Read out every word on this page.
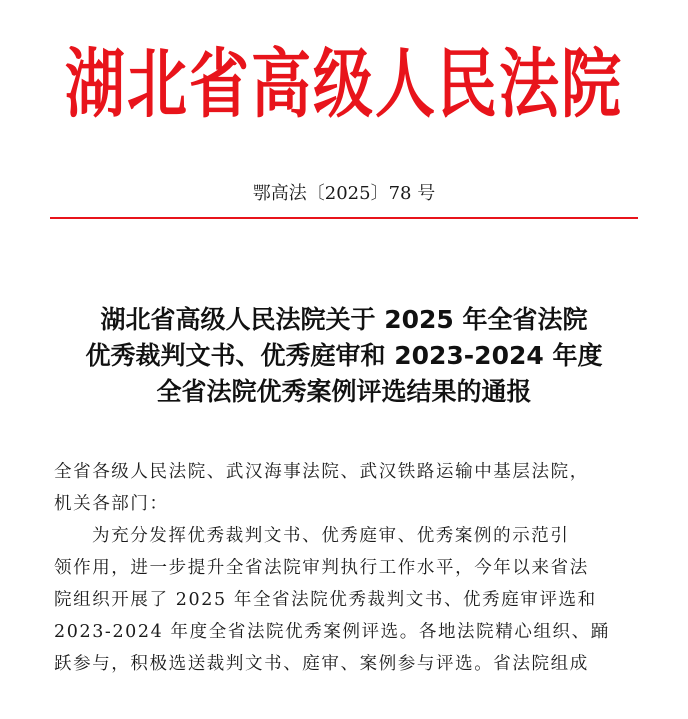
湖北省高级人民法院
鄂高法〔2025〕78 号
湖北省高级人民法院关于 2025 年全省法院
优秀裁判文书、优秀庭审和 2023-2024 年度
全省法院优秀案例评选结果的通报
全省各级人民法院、武汉海事法院、武汉铁路运输中基层法院，
机关各部门：
为充分发挥优秀裁判文书、优秀庭审、优秀案例的示范引
领作用，进一步提升全省法院审判执行工作水平，今年以来省法
院组织开展了 2025 年全省法院优秀裁判文书、优秀庭审评选和
2023-2024 年度全省法院优秀案例评选。各地法院精心组织、踊
跃参与，积极选送裁判文书、庭审、案例参与评选。省法院组成
